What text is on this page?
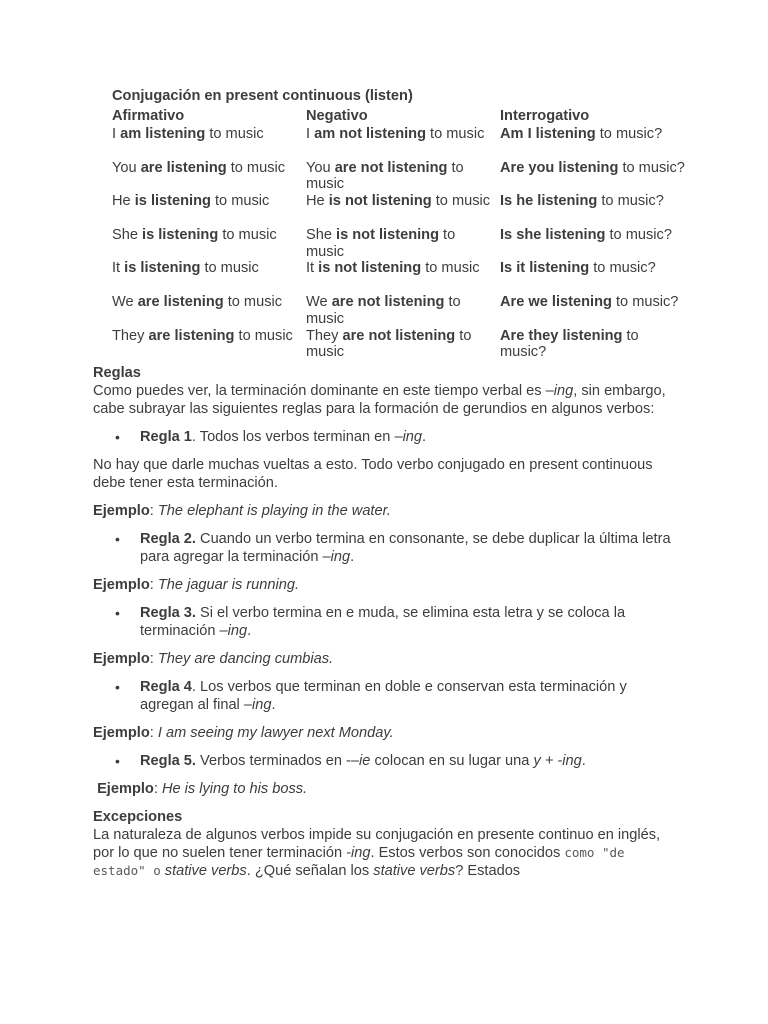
Conjugación en present continuous (listen)
Afirmativo
I am listening to music
You are listening to music
He is listening to music
She is listening to music
It is listening to music
We are listening to music
They are listening to music
Negativo
I am not listening to music
You are not listening to music
He is not listening to music
She is not listening to music
It is not listening to music
We are not listening to music
They are not listening to music
Interrogativo
Am I listening to music?
Are you listening to music?
Is he listening to music?
Is she listening to music?
Is it listening to music?
Are we listening to music?
Are they listening to music?

Reglas

Como puedes ver, la terminación dominante en este tiempo verbal es –ing, sin embargo, cabe subrayar las siguientes reglas para la formación de gerundios en algunos verbos:

• Regla 1. Todos los verbos terminan en –ing.

No hay que darle muchas vueltas a esto. Todo verbo conjugado en present continuous debe tener esta terminación.

Ejemplo: The elephant is playing in the water.

• Regla 2. Cuando un verbo termina en consonante, se debe duplicar la última letra para agregar la terminación –ing.

Ejemplo: The jaguar is running.

• Regla 3. Si el verbo termina en e muda, se elimina esta letra y se coloca la terminación –ing.

Ejemplo: They are dancing cumbias.

• Regla 4. Los verbos que terminan en doble e conservan esta terminación y agregan al final –ing.

Ejemplo: I am seeing my lawyer next Monday.

• Regla 5. Verbos terminados en -–ie colocan en su lugar una y + -ing.

Ejemplo: He is lying to his boss.

Excepciones

La naturaleza de algunos verbos impide su conjugación en presente continuo en inglés, por lo que no suelen tener terminación -ing. Estos verbos son conocidos como "de estado" o stative verbs. ¿Qué señalan los stative verbs? Estados
